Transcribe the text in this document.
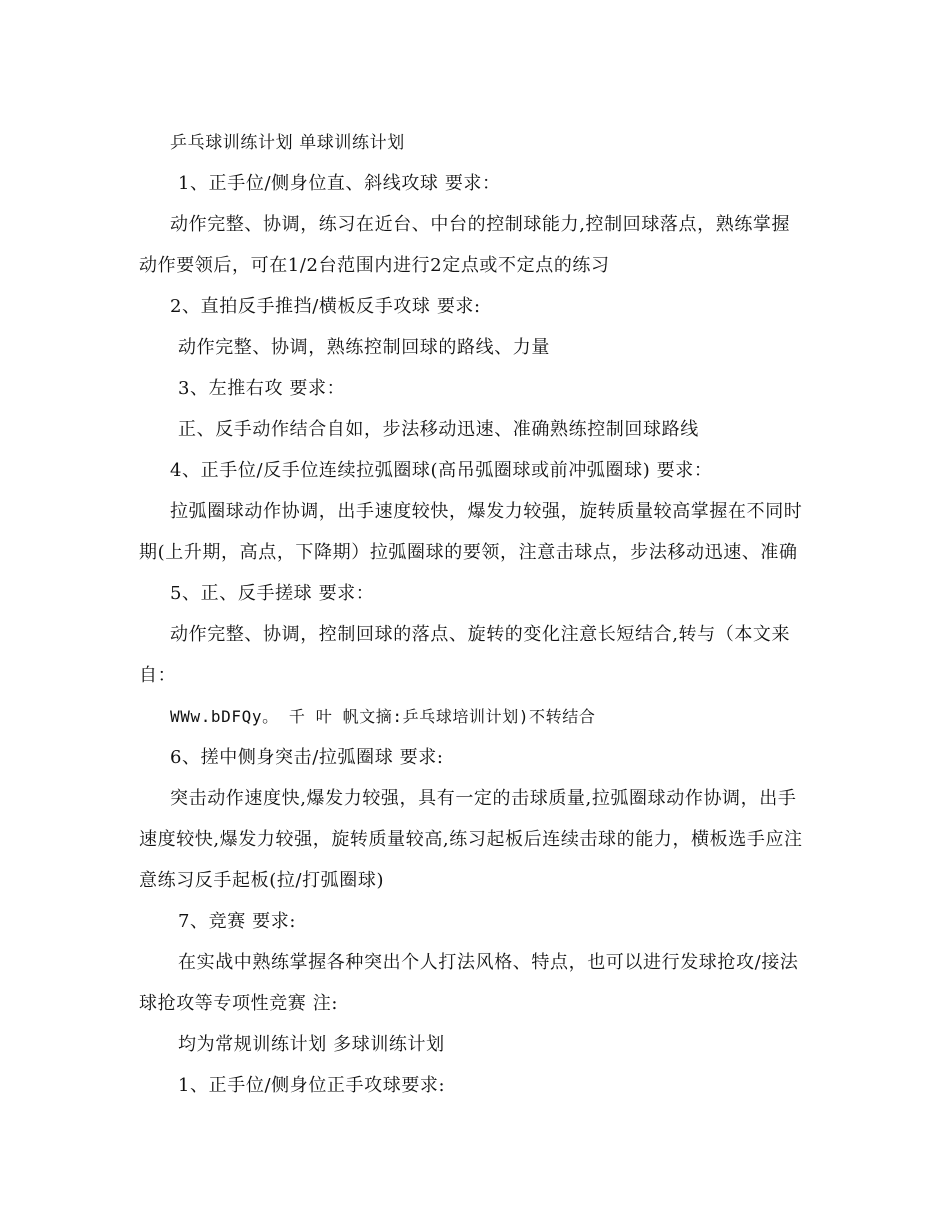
乒乓球训练计划 单球训练计划
1、正手位/侧身位直、斜线攻球 要求：
动作完整、协调，练习在近台、中台的控制球能力,控制回球落点，熟练掌握
动作要领后，可在1/2台范围内进行2定点或不定点的练习
2、直拍反手推挡/横板反手攻球 要求:
动作完整、协调，熟练控制回球的路线、力量
3、左推右攻 要求：
正、反手动作结合自如，步法移动迅速、准确熟练控制回球路线
4、正手位/反手位连续拉弧圈球(高吊弧圈球或前冲弧圈球) 要求：
拉弧圈球动作协调，出手速度较快，爆发力较强，旋转质量较高掌握在不同时
期(上升期，高点，下降期）拉弧圈球的要领，注意击球点，步法移动迅速、准确
5、正、反手搓球 要求：
动作完整、协调，控制回球的落点、旋转的变化注意长短结合,转与（本文来
自：
WWw.bDFQy。 千 叶 帆文摘:乒乓球培训计划)不转结合
6、搓中侧身突击/拉弧圈球 要求:
突击动作速度快,爆发力较强，具有一定的击球质量,拉弧圈球动作协调，出手
速度较快,爆发力较强，旋转质量较高,练习起板后连续击球的能力，横板选手应注
意练习反手起板(拉/打弧圈球)
7、竞赛 要求:
在实战中熟练掌握各种突出个人打法风格、特点，也可以进行发球抢攻/接法
球抢攻等专项性竞赛 注:
均为常规训练计划 多球训练计划
1、正手位/侧身位正手攻球要求:
